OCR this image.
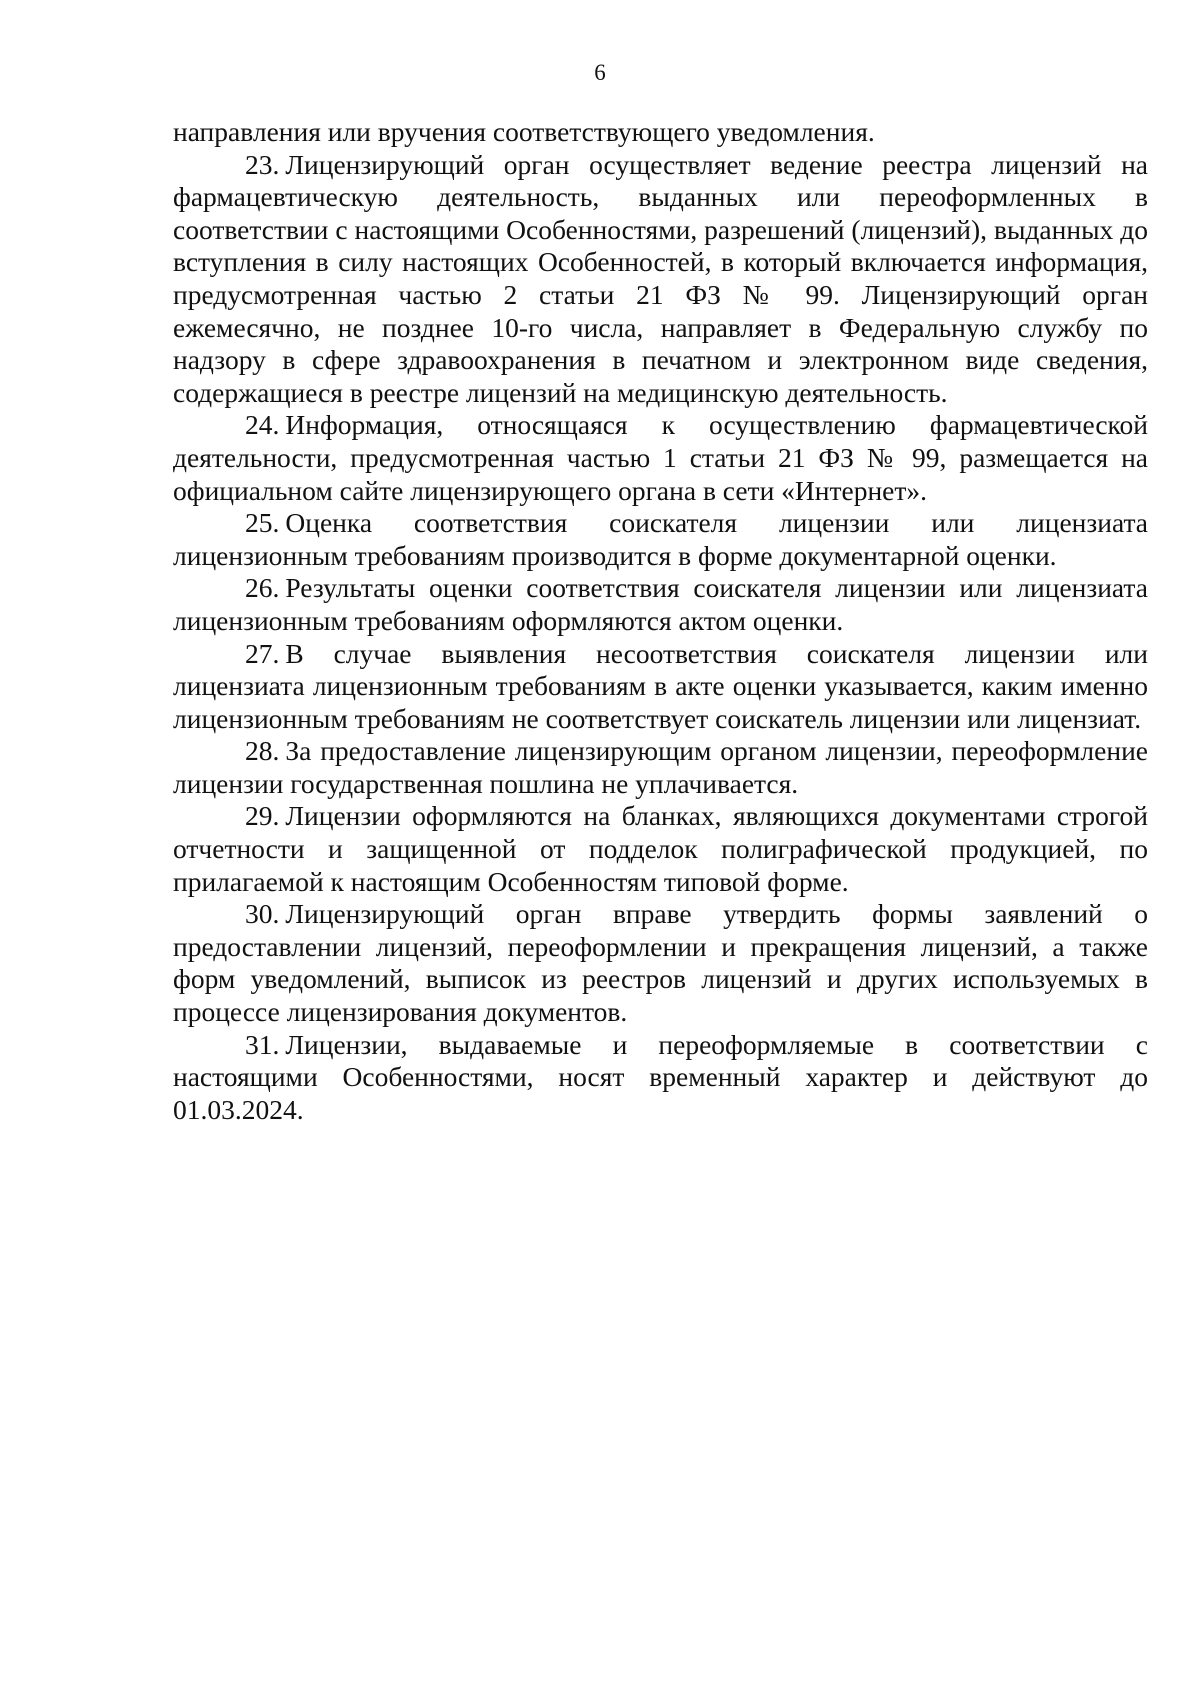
6

направления или вручения соответствующего уведомления.

23. Лицензирующий орган осуществляет ведение реестра лицензий на фармацевтическую деятельность, выданных или переоформленных в соответствии с настоящими Особенностями, разрешений (лицензий), выданных до вступления в силу настоящих Особенностей, в который включается информация, предусмотренная частью 2 статьи 21 ФЗ № 99. Лицензирующий орган ежемесячно, не позднее 10-го числа, направляет в Федеральную службу по надзору в сфере здравоохранения в печатном и электронном виде сведения, содержащиеся в реестре лицензий на медицинскую деятельность.

24. Информация, относящаяся к осуществлению фармацевтической деятельности, предусмотренная частью 1 статьи 21 ФЗ № 99, размещается на официальном сайте лицензирующего органа в сети «Интернет».

25. Оценка соответствия соискателя лицензии или лицензиата лицензионным требованиям производится в форме документарной оценки.

26. Результаты оценки соответствия соискателя лицензии или лицензиата лицензионным требованиям оформляются актом оценки.

27. В случае выявления несоответствия соискателя лицензии или лицензиата лицензионным требованиям в акте оценки указывается, каким именно лицензионным требованиям не соответствует соискатель лицензии или лицензиат.

28. За предоставление лицензирующим органом лицензии, переоформление лицензии государственная пошлина не уплачивается.

29. Лицензии оформляются на бланках, являющихся документами строгой отчетности и защищенной от подделок полиграфической продукцией, по прилагаемой к настоящим Особенностям типовой форме.

30. Лицензирующий орган вправе утвердить формы заявлений о предоставлении лицензий, переоформлении и прекращения лицензий, а также форм уведомлений, выписок из реестров лицензий и других используемых в процессе лицензирования документов.

31. Лицензии, выдаваемые и переоформляемые в соответствии с настоящими Особенностями, носят временный характер и действуют до 01.03.2024.
